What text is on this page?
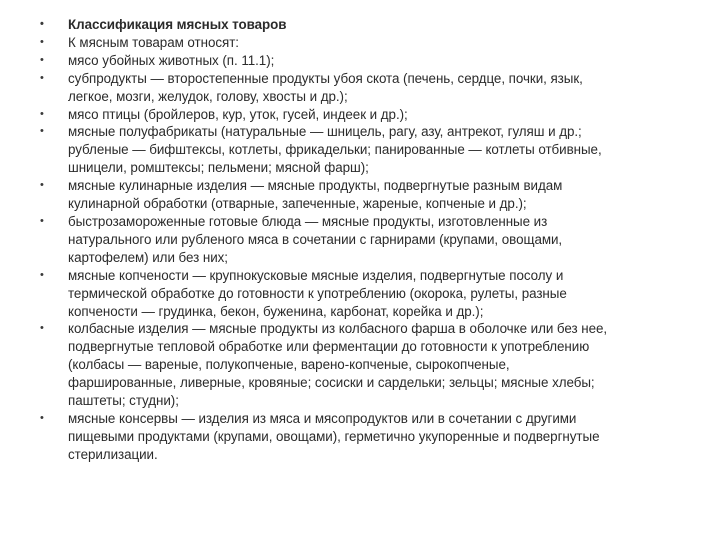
•	Классификация мясных товаров
•	К мясным товарам относят:
•	мясо убойных животных (п. 11.1);
•	субпродукты — второстепенные продукты убоя скота (печень, сердце, почки, язык,
легкое, мозги, желудок, голову, хвосты и др.);
•	мясо птицы (бройлеров, кур, уток, гусей, индеек и др.);
•	мясные полуфабрикаты (натуральные — шницель, рагу, азу, антрекот, гуляш и др.;
рубленые — бифштексы, котлеты, фрикадельки; панированные — котлеты отбивные,
шницели, ромштексы; пельмени; мясной фарш);
•	мясные кулинарные изделия — мясные продукты, подвергнутые разным видам
кулинарной обработки (отварные, запеченные, жареные, копченые и др.);
•	быстрозамороженные готовые блюда — мясные продукты, изготовленные из
натурального или рубленого мяса в сочетании с гарнирами (крупами, овощами,
картофелем) или без них;
•	мясные копчености — крупнокусковые мясные изделия, подвергнутые посолу и
термической обработке до готовности к употреблению (окорока, рулеты, разные
копчености — грудинка, бекон, буженина, карбонат, корейка и др.);
•	колбасные изделия — мясные продукты из колбасного фарша в оболочке или без нее,
подвергнутые тепловой обработке или ферментации до готовности к употреблению
(колбасы — вареные, полукопченые, варено-копченые, сырокопченые,
фаршированные, ливерные, кровяные; сосиски и сардельки; зельцы; мясные хлебы;
паштеты; студни);
•	мясные консервы — изделия из мяса и мясопродуктов или в сочетании с другими
пищевыми продуктами (крупами, овощами), герметично укупоренные и подвергнутые
стерилизации.
